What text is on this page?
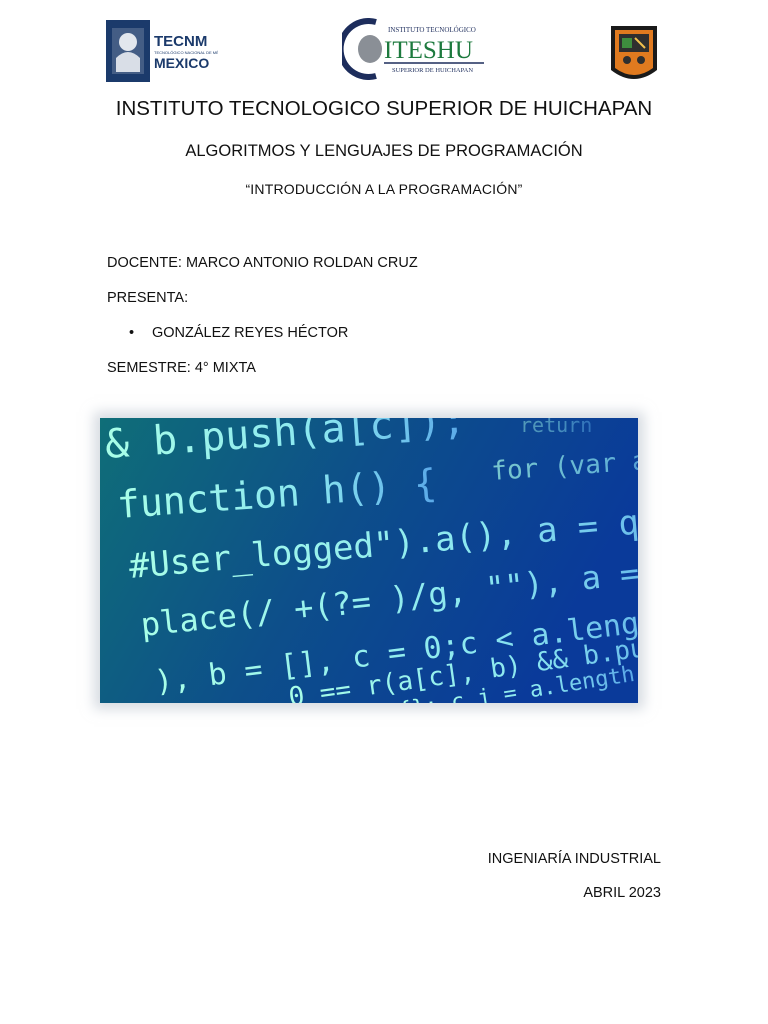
TECNM
TECNOLÓGICO NACIONAL DE M
MEXICO
INSTITUTO TECNOLÓGICO
ITESHU
SUPERIOR DE HUICHAPAN
INSTITUTO TECNOLOGICO SUPERIOR DE HUICHAPAN
ALGORITMOS Y LENGUAJES DE PROGRAMACIÓN
“INTRODUCCIÓN A LA PROGRAMACIÓN”
DOCENTE: MARCO ANTONIO ROLDAN CRUZ
PRESENTA:
• GONZÁLEZ REYES HÉCTOR
SEMESTRE: 4° MIXTA
& b.push(a[c]);
function h() {
#User_logged").a(), a = q(a),
place(/ +(?= )/g, ""), a =
), b = [], c = 0;c < a.length;c
0 == r(a[c], b) && b.push(
{}; c.j = a.length
for (var a
return
INGENIARÍA INDUSTRIAL
ABRIL 2023
